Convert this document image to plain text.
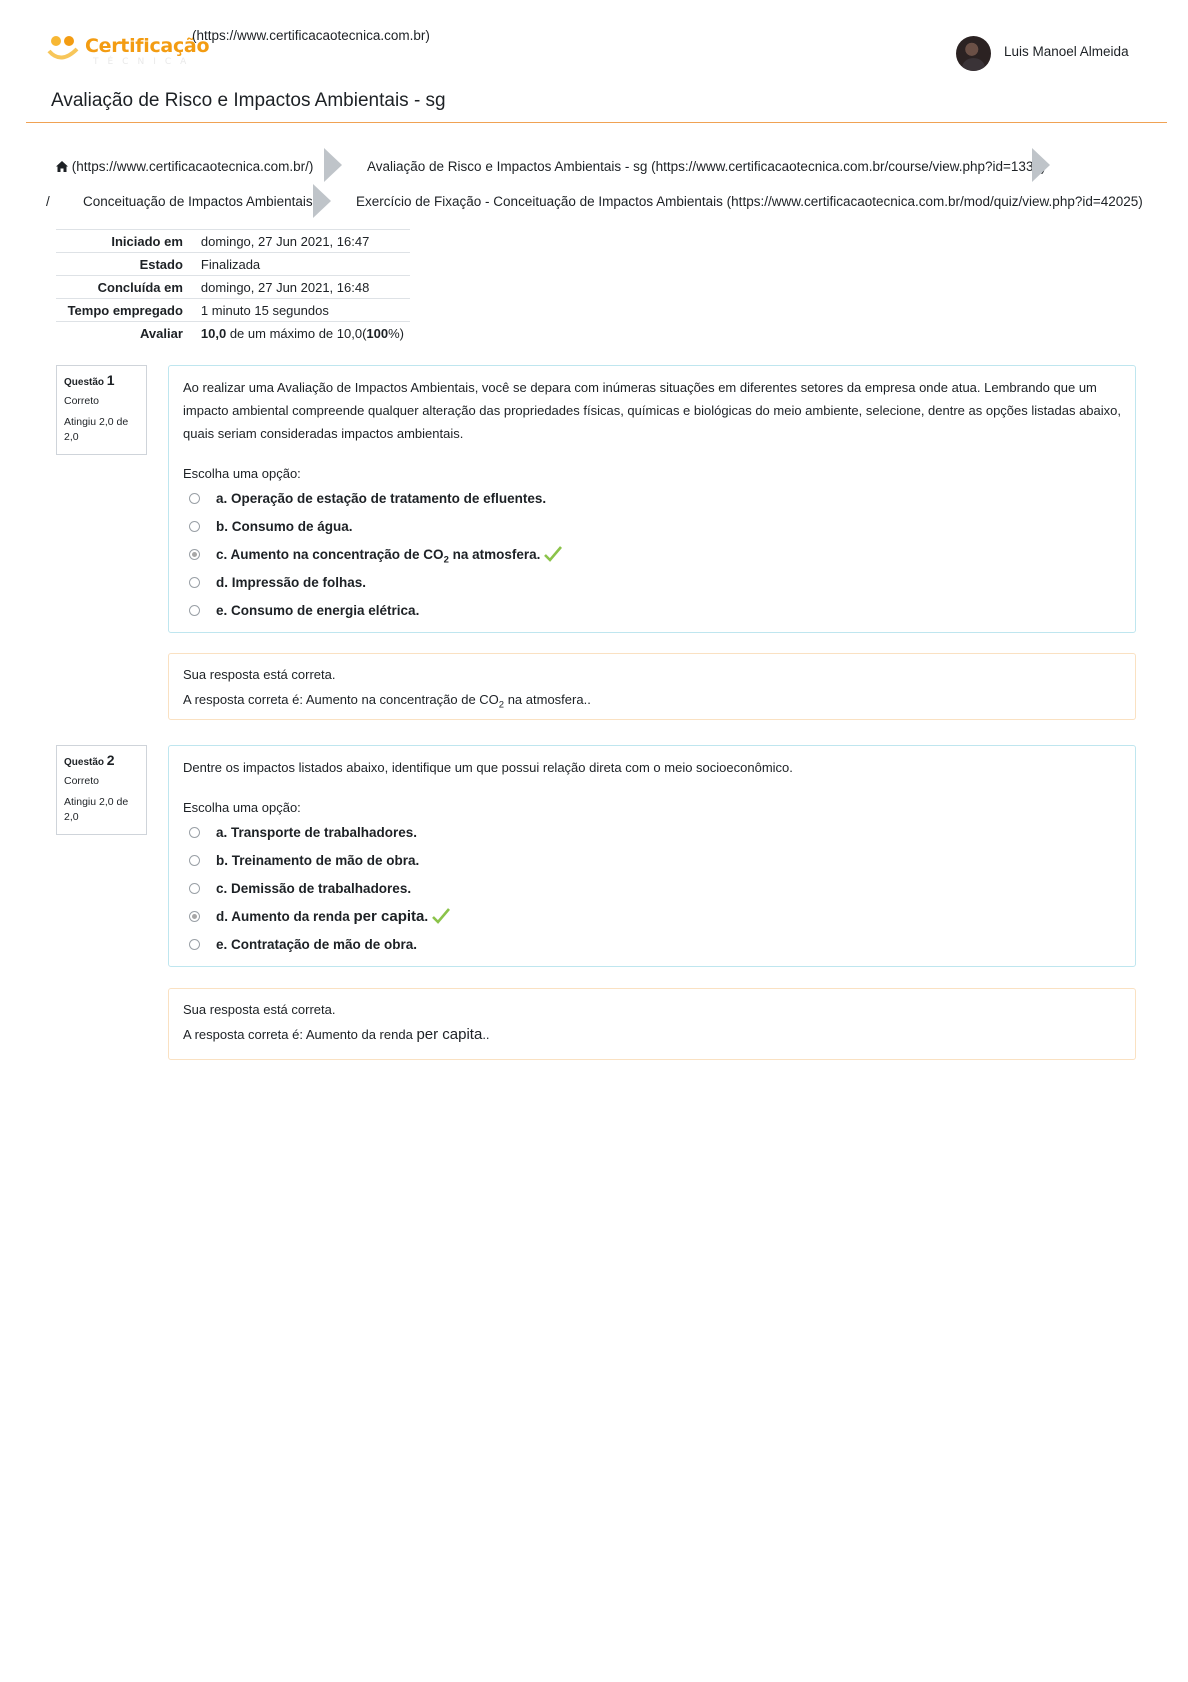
Certificação
TÉCNICA
(https://www.certificacaotecnica.com.br)
Luis Manoel Almeida
Avaliação de Risco e Impactos Ambientais - sg
(https://www.certificacaotecnica.com.br/)	Avaliação de Risco e Impactos Ambientais - sg (https://www.certificacaotecnica.com.br/course/view.php?id=1338)
/ Conceituação de Impactos Ambientais	Exercício de Fixação - Conceituação de Impactos Ambientais (https://www.certificacaotecnica.com.br/mod/quiz/view.php?id=42025)
Iniciado em	domingo, 27 Jun 2021, 16:47
Estado	Finalizada
Concluída em	domingo, 27 Jun 2021, 16:48
Tempo empregado	1 minuto 15 segundos
Avaliar	10,0 de um máximo de 10,0(100%)
Questão 1
Correto
Atingiu 2,0 de 2,0
Ao realizar uma Avaliação de Impactos Ambientais, você se depara com inúmeras situações em diferentes setores da empresa onde atua. Lembrando que um impacto ambiental compreende qualquer alteração das propriedades físicas, químicas e biológicas do meio ambiente, selecione, dentre as opções listadas abaixo, quais seriam consideradas impactos ambientais.
Escolha uma opção:
a. Operação de estação de tratamento de efluentes.
b. Consumo de água.
c. Aumento na concentração de $CO_2$ na atmosfera.
d. Impressão de folhas.
e. Consumo de energia elétrica.
Sua resposta está correta.
A resposta correta é: Aumento na concentração de $CO_2$ na atmosfera..
Questão 2
Correto
Atingiu 2,0 de 2,0
Dentre os impactos listados abaixo, identifique um que possui relação direta com o meio socioeconômico.
Escolha uma opção:
a. Transporte de trabalhadores.
b. Treinamento de mão de obra.
c. Demissão de trabalhadores.
d. Aumento da renda per capita.
e. Contratação de mão de obra.
Sua resposta está correta.
A resposta correta é: Aumento da renda per capita..
